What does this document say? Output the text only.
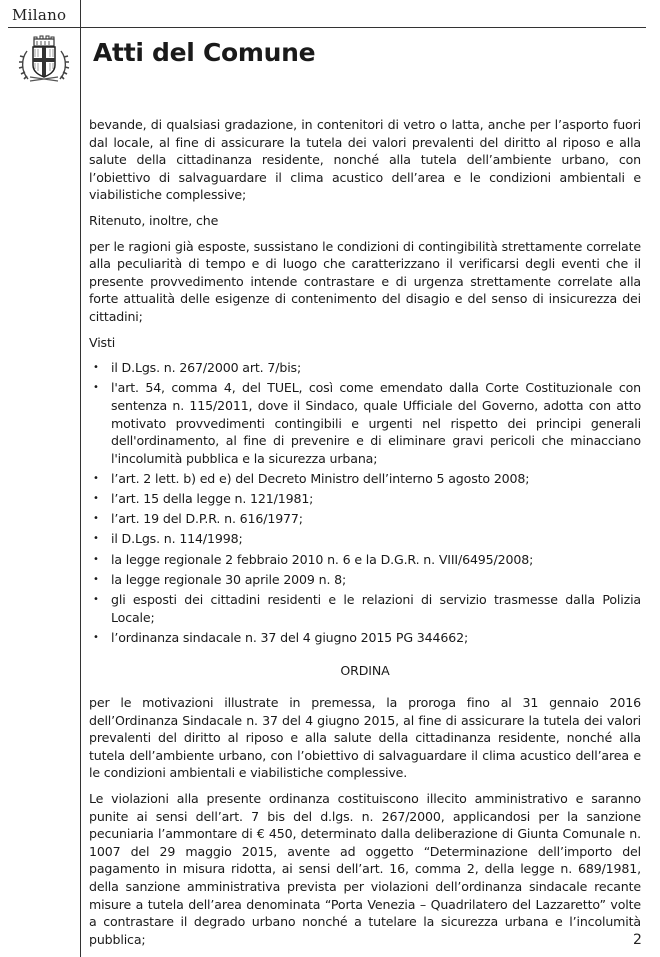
Milano
Atti del Comune

bevande, di qualsiasi gradazione, in contenitori di vetro o latta, anche per l’asporto fuori dal locale, al fine di assicurare la tutela dei valori prevalenti del diritto al riposo e alla salute della cittadinanza residente, nonché alla tutela dell’ambiente urbano, con l’obiettivo di salvaguardare il clima acustico dell’area e le condizioni ambientali e viabilistiche complessive;

Ritenuto, inoltre, che

per le ragioni già esposte, sussistano le condizioni di contingibilità strettamente correlate alla peculiarità di tempo e di luogo che caratterizzano il verificarsi degli eventi che il presente provvedimento intende contrastare e di urgenza strettamente correlate alla forte attualità delle esigenze di contenimento del disagio e del senso di insicurezza dei cittadini;

Visti
• il D.Lgs. n. 267/2000 art. 7/bis;
• l'art. 54, comma 4, del TUEL, così come emendato dalla Corte Costituzionale con sentenza n. 115/2011, dove il Sindaco, quale Ufficiale del Governo, adotta con atto motivato provvedimenti contingibili e urgenti nel rispetto dei principi generali dell'ordinamento, al fine di prevenire e di eliminare gravi pericoli che minacciano l'incolumità pubblica e la sicurezza urbana;
• l’art. 2 lett. b) ed e) del Decreto Ministro dell’interno 5 agosto 2008;
• l’art. 15 della legge n. 121/1981;
• l’art. 19 del D.P.R. n. 616/1977;
• il D.Lgs. n. 114/1998;
• la legge regionale 2 febbraio 2010 n. 6 e la D.G.R. n. VIII/6495/2008;
• la legge regionale 30 aprile 2009 n. 8;
• gli esposti dei cittadini residenti e le relazioni di servizio trasmesse dalla Polizia Locale;
• l’ordinanza sindacale n. 37 del 4 giugno 2015 PG 344662;
ORDINA

per le motivazioni illustrate in premessa, la proroga fino al 31 gennaio 2016 dell’Ordinanza Sindacale n. 37 del 4 giugno 2015, al fine di assicurare la tutela dei valori prevalenti del diritto al riposo e alla salute della cittadinanza residente, nonché alla tutela dell’ambiente urbano, con l’obiettivo di salvaguardare il clima acustico dell’area e le condizioni ambientali e viabilistiche complessive.

Le violazioni alla presente ordinanza costituiscono illecito amministrativo e saranno punite ai sensi dell’art. 7 bis del d.lgs. n. 267/2000, applicandosi per la sanzione pecuniaria l’ammontare di € 450, determinato dalla deliberazione di Giunta Comunale n. 1007 del 29 maggio 2015, avente ad oggetto “Determinazione dell’importo del pagamento in misura ridotta, ai sensi dell’art. 16, comma 2, della legge n. 689/1981, della sanzione amministrativa prevista per violazioni dell’ordinanza sindacale recante misure a tutela dell’area denominata “Porta Venezia – Quadrilatero del Lazzaretto” volte a contrastare il degrado urbano nonché a tutelare la sicurezza urbana e l’incolumità pubblica;	2
